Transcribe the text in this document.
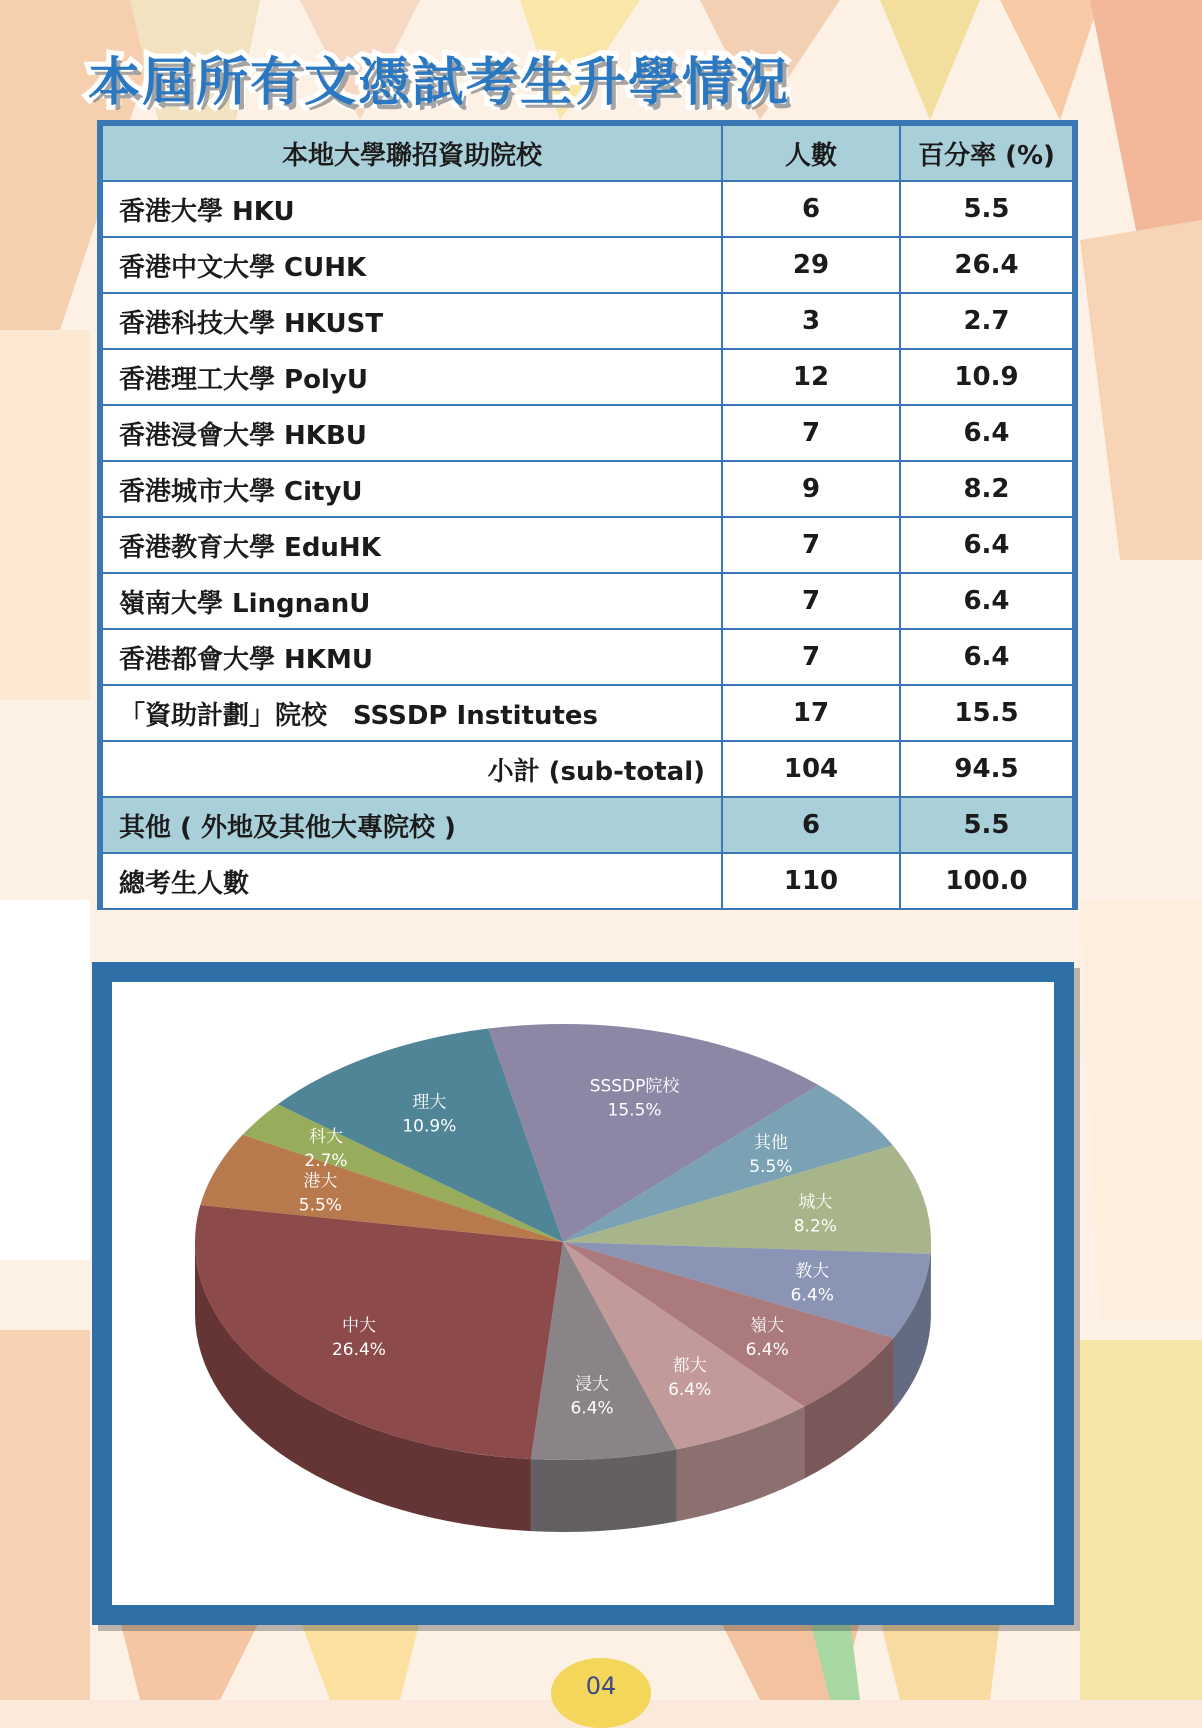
本屆所有文憑試考生升學情況
本地大學聯招資助院校	人數	百分率 (%)
香港大學 HKU	6	5.5
香港中文大學 CUHK	29	26.4
香港科技大學 HKUST	3	2.7
香港理工大學 PolyU	12	10.9
香港浸會大學 HKBU	7	6.4
香港城市大學 CityU	9	8.2
香港教育大學 EduHK	7	6.4
嶺南大學 LingnanU	7	6.4
香港都會大學 HKMU	7	6.4
「資助計劃」院校　SSSDP Institutes	17	15.5
小計 (sub-total)	104	94.5
其他 ( 外地及其他大專院校 )	6	5.5
總考生人數	110	100.0
中大
26.4%
港大
5.5%
科大
2.7%
理大
10.9%
SSSDP院校
15.5%
其他
5.5%
城大
8.2%
教大
6.4%
嶺大
6.4%
都大
6.4%
浸大
6.4%
04
